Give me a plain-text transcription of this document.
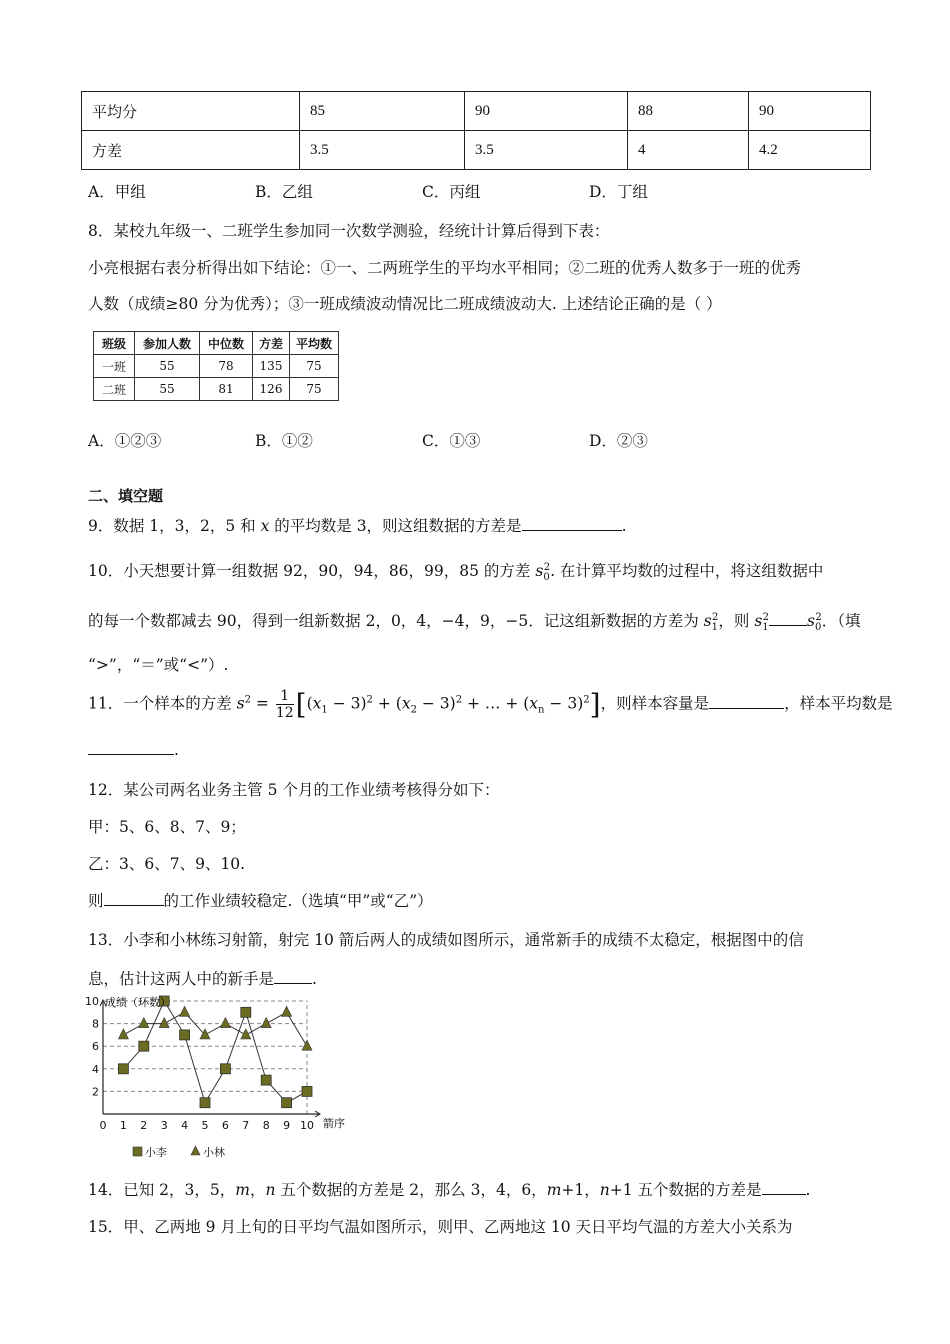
平均分	85	90	88	90
方差	3.5	3.5	4	4.2
A．甲组	B．乙组	C．丙组	D．丁组
8．某校九年级一、二班学生参加同一次数学测验，经统计计算后得到下表：
小亮根据右表分析得出如下结论：①一、二两班学生的平均水平相同；②二班的优秀人数多于一班的优秀
人数（成绩≥80 分为优秀）；③一班成绩波动情况比二班成绩波动大. 上述结论正确的是（ ）
班级	参加人数	中位数	方差	平均数
一班	55	78	135	75
二班	55	81	126	75
A．①②③	B．①②	C．①③	D．②③
二、填空题
9．数据 1，3，2，5 和 x 的平均数是 3，则这组数据的方差是	.
10．小天想要计算一组数据 92，90，94，86，99，85 的方差 $s_0^2$. 在计算平均数的过程中，将这组数据中
的每一个数都减去 90，得到一组新数据 2，0，4，−4，9，−5．记这组新数据的方差为 $s_1^2$，则 $s_1^2$ $s_0^2$．（填
“>”，“＝”或“<”）.
11．一个样本的方差 $s^2 = \frac{1}{12}[(x_1 - 3)^2 + (x_2 - 3)^2$ + … + $(x_n - 3)^2$]，则样本容量是	，样本平均数是
.
12．某公司两名业务主管 5 个月的工作业绩考核得分如下：
甲：5、6、8、7、9；
乙：3、6、7、9、10.
则	的工作业绩较稳定.（选填“甲”或“乙”）
13．小李和小林练习射箭，射完 10 箭后两人的成绩如图所示，通常新手的成绩不太稳定，根据图中的信
息，估计这两人中的新手是 .
0 1 2 3 4 5 6 7 8 9 10
2
4
6
8
10 成绩（环数）
箭序
小李	小林
14．已知 2，3，5，m，n 五个数据的方差是 2，那么 3，4，6，m+1，n+1 五个数据的方差是	.
15．甲、乙两地 9 月上旬的日平均气温如图所示，则甲、乙两地这 10 天日平均气温的方差大小关系为
